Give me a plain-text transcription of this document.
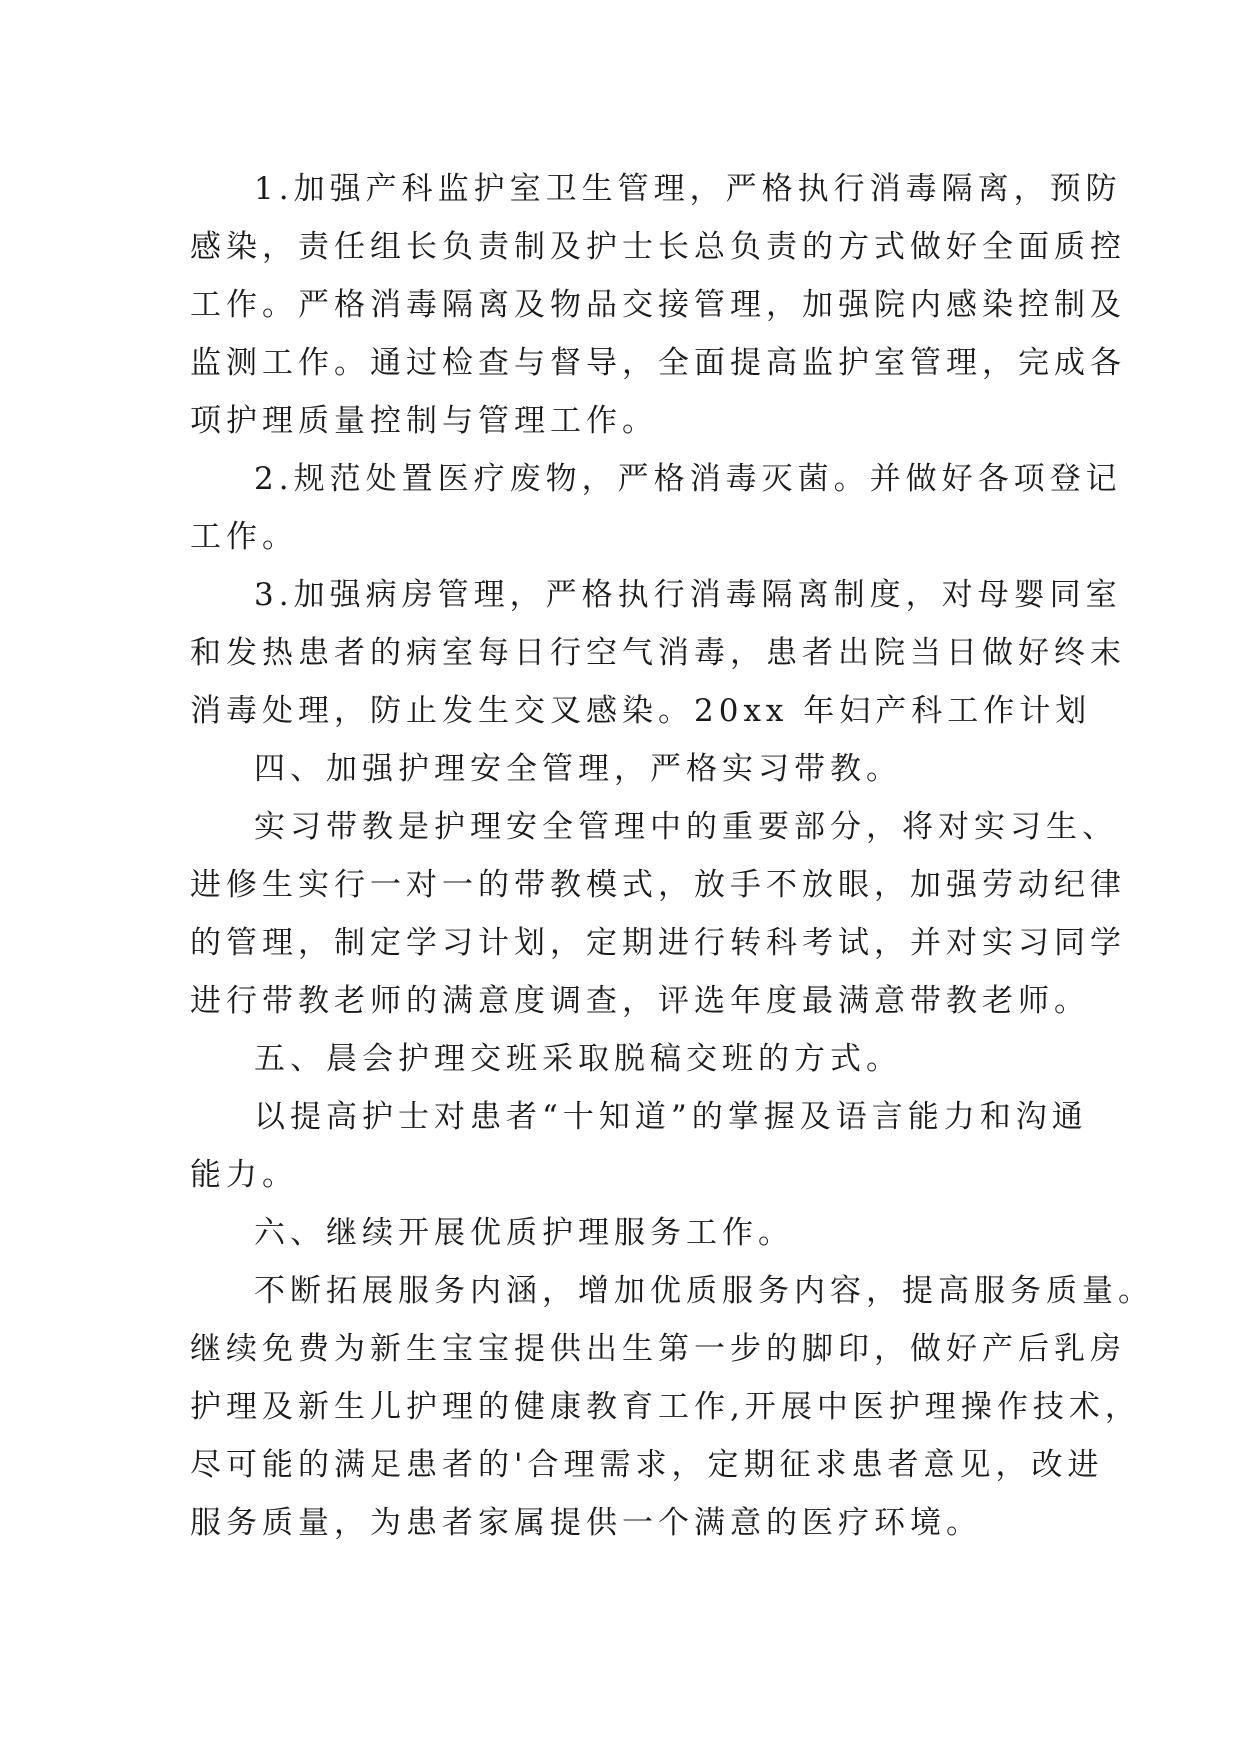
1.加强产科监护室卫生管理，严格执行消毒隔离，预防
感染，责任组长负责制及护士长总负责的方式做好全面质控
工作。严格消毒隔离及物品交接管理，加强院内感染控制及
监测工作。通过检查与督导，全面提高监护室管理，完成各
项护理质量控制与管理工作。
2.规范处置医疗废物，严格消毒灭菌。并做好各项登记
工作。
3.加强病房管理，严格执行消毒隔离制度，对母婴同室
和发热患者的病室每日行空气消毒，患者出院当日做好终末
消毒处理，防止发生交叉感染。20xx 年妇产科工作计划
四、加强护理安全管理，严格实习带教。
实习带教是护理安全管理中的重要部分，将对实习生、
进修生实行一对一的带教模式，放手不放眼，加强劳动纪律
的管理，制定学习计划，定期进行转科考试，并对实习同学
进行带教老师的满意度调查，评选年度最满意带教老师。
五、晨会护理交班采取脱稿交班的方式。
以提高护士对患者“十知道”的掌握及语言能力和沟通
能力。
六、继续开展优质护理服务工作。
不断拓展服务内涵，增加优质服务内容，提高服务质量。
继续免费为新生宝宝提供出生第一步的脚印，做好产后乳房
护理及新生儿护理的健康教育工作,开展中医护理操作技术，
尽可能的满足患者的'合理需求，定期征求患者意见，改进
服务质量，为患者家属提供一个满意的医疗环境。
